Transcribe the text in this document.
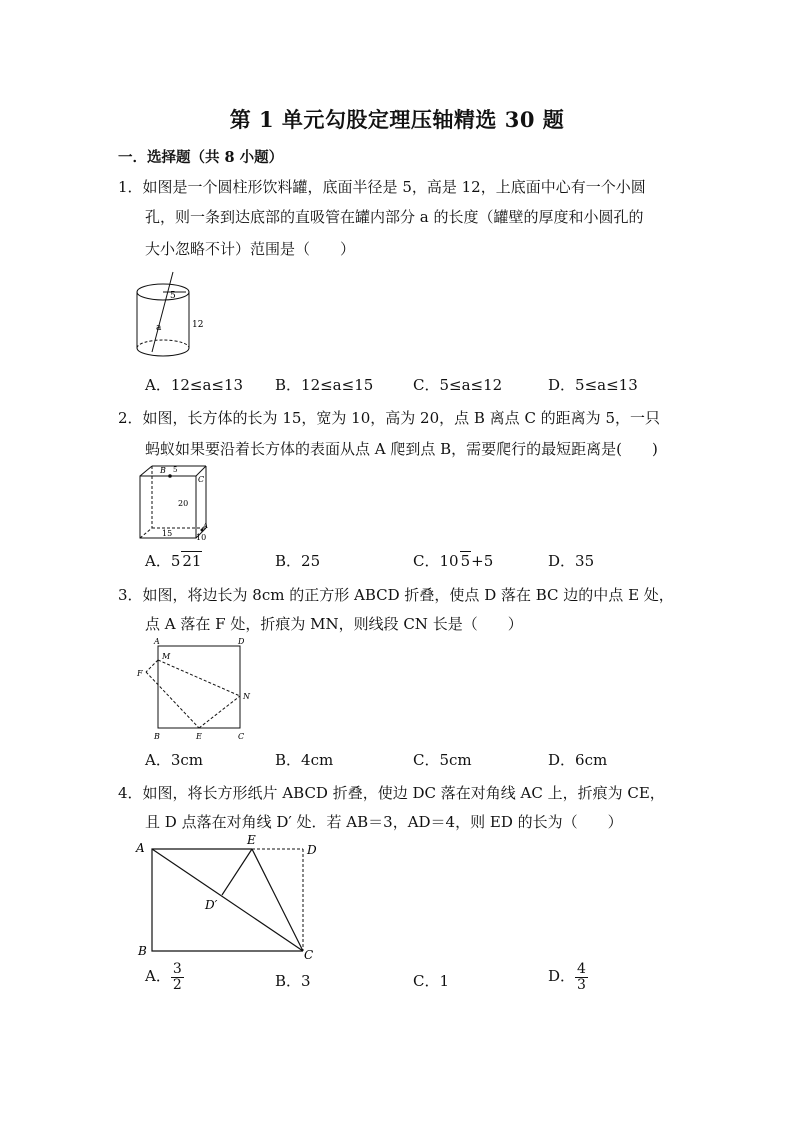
第 1 单元勾股定理压轴精选 30 题
一．选择题（共 8 小题）
1．如图是一个圆柱形饮料罐，底面半径是 5，高是 12，上底面中心有一个小圆
孔，则一条到达底部的直吸管在罐内部分 a 的长度（罐壁的厚度和小圆孔的
大小忽略不计）范围是（　　）
5
12
a
A．12≤a≤13 B．12≤a≤15	C．5≤a≤12	D．5≤a≤13
2．如图，长方体的长为 15，宽为 10，高为 20，点 B 离点 C 的距离为 5，一只
蚂蚁如果要沿着长方体的表面从点 A 爬到点 B，需要爬行的最短距离是(　　)
B 5
C
20
A
15	10
A．5 21	B．25	C．10 5+5	D．35
3．如图，将边长为 8cm 的正方形 ABCD 折叠，使点 D 落在 BC 边的中点 E 处，
点 A 落在 F 处，折痕为 MN，则线段 CN 长是（　　）
A	D
M
F
N
B	E	C
A．3cm	B．4cm	C．5cm	D．6cm
4．如图，将长方形纸片 ABCD 折叠，使边 DC 落在对角线 AC 上，折痕为 CE，
且 D 点落在对角线 D′ 处．若 AB＝3，AD＝4，则 ED 的长为（　　）
A
E
D
D′
B	C
A． $\frac{3}{2}$	B．3	C．1	D． $\frac{4}{3}$
